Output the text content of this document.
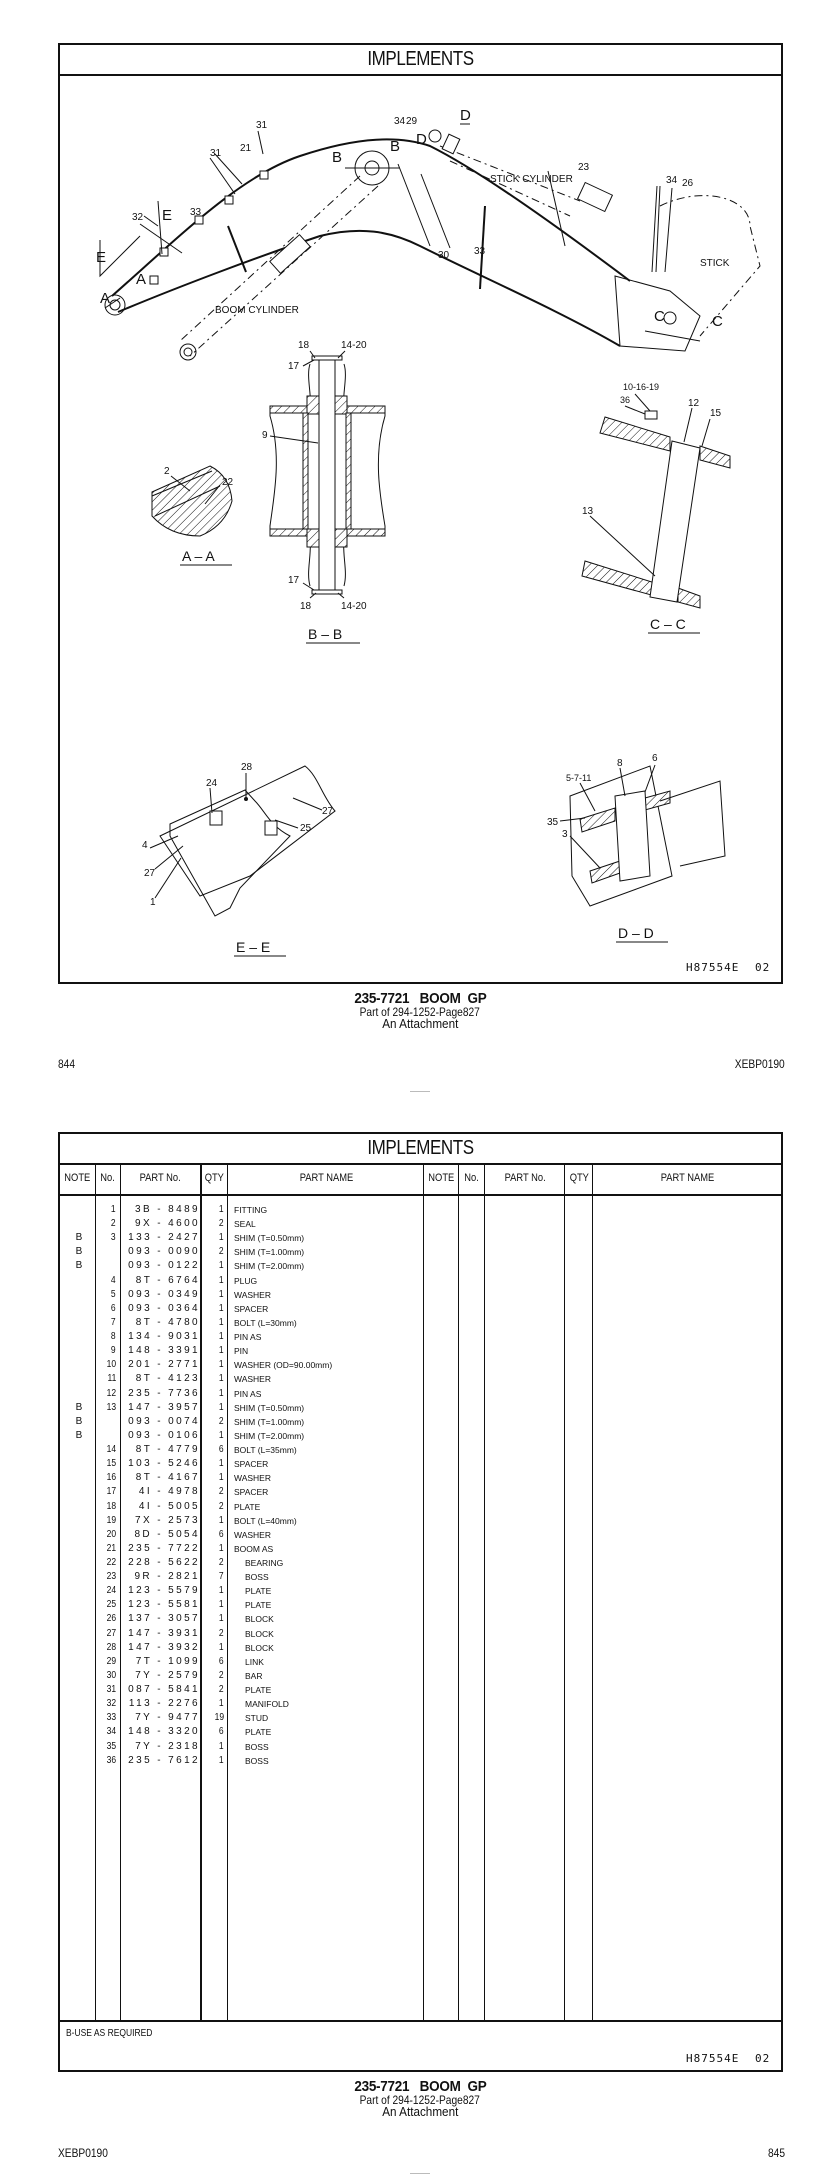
IMPLEMENTS
STICK
STICK CYLINDER
BOOM CYLINDER
31 21
31	34 29
D
D
23
34 26
33
32 E
E
A
A
B
B
30 33
C	C
2
22
A – A
18	14-20
17
9
17
18	14-20
B – B
10-16-19
36	12
15
13
C – C
28
24
27
4
27
1
25
E – E
5-7-11
8	6
35
3
D – D
H87554E 02
235-7721   BOOM  GP
Part of 294-1252-Page827
An Attachment
844	XEBP0190
IMPLEMENTS
NOTE No.	PART No.	QTY	PART NAME	NOTE No.	PART No.	QTY	PART NAME
1	3B - 8489	1 FITTING
2	9X - 4600	2 SEAL
B	3	133 - 2427	1 SHIM (T=0.50mm)
B	093 - 0090	2 SHIM (T=1.00mm)
B	093 - 0122	1 SHIM (T=2.00mm)
4	8T - 6764	1 PLUG
5	093 - 0349	1 WASHER
6	093 - 0364	1 SPACER
7	8T - 4780	1 BOLT (L=30mm)
8	134 - 9031	1 PIN AS
9	148 - 3391	1 PIN
10	201 - 2771	1 WASHER (OD=90.00mm)
11	8T - 4123	1 WASHER
12	235 - 7736	1 PIN AS
B	13	147 - 3957	1 SHIM (T=0.50mm)
B	093 - 0074	2 SHIM (T=1.00mm)
B	093 - 0106	1 SHIM (T=2.00mm)
14	8T - 4779	6 BOLT (L=35mm)
15	103 - 5246	1 SPACER
16	8T - 4167	1 WASHER
17	4I - 4978	2 SPACER
18	4I - 5005	2 PLATE
19	7X - 2573	1 BOLT (L=40mm)
20	8D - 5054	6 WASHER
21	235 - 7722	1 BOOM AS
22	228 - 5622	2 BEARING
23	9R - 2821	7 BOSS
24	123 - 5579	1 PLATE
25	123 - 5581	1 PLATE
26	137 - 3057	1 BLOCK
27	147 - 3931	2 BLOCK
28	147 - 3932	1 BLOCK
29	7T - 1099	6 LINK
30	7Y - 2579	2 BAR
31	087 - 5841	2 PLATE
32	113 - 2276	1 MANIFOLD
33	7Y - 9477	19 STUD
34	148 - 3320	6 PLATE
35	7Y - 2318	1 BOSS
36	235 - 7612	1 BOSS
B-USE AS REQUIRED
H87554E 02
235-7721   BOOM  GP
Part of 294-1252-Page827
An Attachment
XEBP0190	845
